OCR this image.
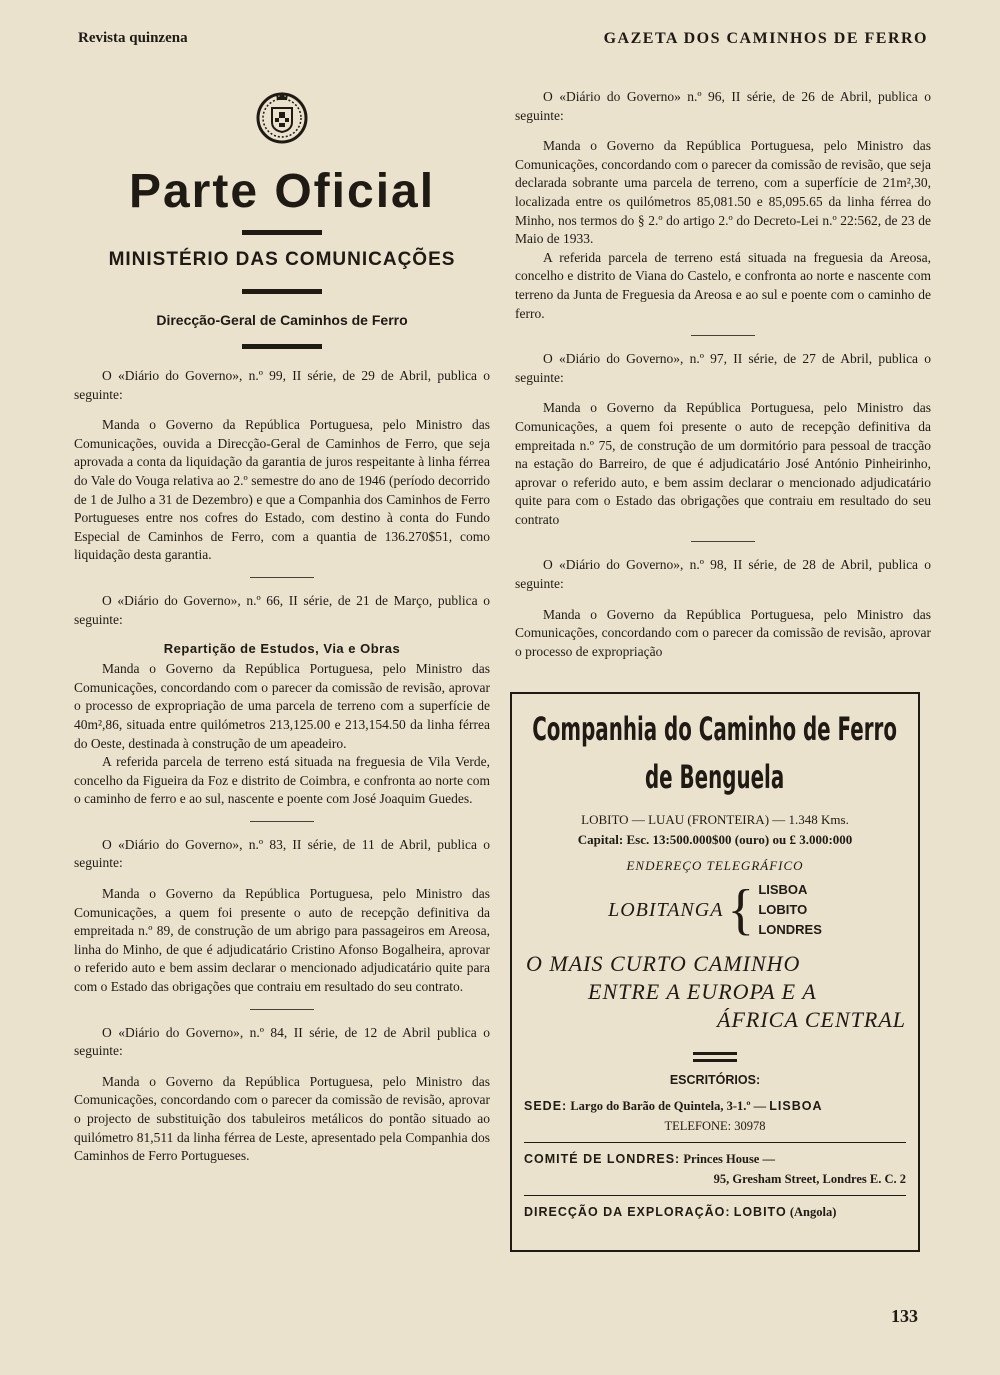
Revista quinzena	GAZETA DOS CAMINHOS DE FERRO
Parte Oficial
MINISTÉRIO DAS COMUNICAÇÕES
Direcção-Geral de Caminhos de Ferro

O «Diário do Governo», n.º 99, II série, de 29 de Abril, publica o seguinte:

Manda o Governo da República Portuguesa, pelo Ministro das Comunicações, ouvida a Direcção-Geral de Caminhos de Ferro, que seja aprovada a conta da liquidação da garantia de juros respeitante à linha férrea do Vale do Vouga relativa ao 2.º semestre do ano de 1946 (período decorrido de 1 de Julho a 31 de Dezembro) e que a Companhia dos Caminhos de Ferro Portugueses entre nos cofres do Estado, com destino à conta do Fundo Especial de Caminhos de Ferro, com a quantia de 136.270$51, como liquidação desta garantia.

O «Diário do Governo», n.º 66, II série, de 21 de Março, publica o seguinte:

Repartição de Estudos, Via e Obras

Manda o Governo da República Portuguesa, pelo Ministro das Comunicações, concordando com o parecer da comissão de revisão, aprovar o processo de expropriação de uma parcela de terreno com a superfície de 40m²,86, situada entre quilómetros 213,125.00 e 213,154.50 da linha férrea do Oeste, destinada à construção de um apeadeiro.

A referida parcela de terreno está situada na freguesia de Vila Verde, concelho da Figueira da Foz e distrito de Coimbra, e confronta ao norte com o caminho de ferro e ao sul, nascente e poente com José Joaquim Guedes.

O «Diário do Governo», n.º 83, II série, de 11 de Abril, publica o seguinte:

Manda o Governo da República Portuguesa, pelo Ministro das Comunicações, a quem foi presente o auto de recepção definitiva da empreitada n.º 89, de construção de um abrigo para passageiros em Areosa, linha do Minho, de que é adjudicatário Cristino Afonso Bogalheira, aprovar o referido auto e bem assim declarar o mencionado adjudicatário quite para com o Estado das obrigações que contraiu em resultado do seu contrato.

O «Diário do Governo», n.º 84, II série, de 12 de Abril publica o seguinte:

Manda o Governo da República Portuguesa, pelo Ministro das Comunicações, concordando com o parecer da comissão de revisão, aprovar o projecto de substituição dos tabuleiros metálicos do pontão situado ao quilómetro 81,511 da linha férrea de Leste, apresentado pela Companhia dos Caminhos de Ferro Portugueses.

O «Diário do Governo» n.º 96, II série, de 26 de Abril, publica o seguinte:

Manda o Governo da República Portuguesa, pelo Ministro das Comunicações, concordando com o parecer da comissão de revisão, que seja declarada sobrante uma parcela de terreno, com a superfície de 21m²,30, localizada entre os quilómetros 85,081.50 e 85,095.65 da linha férrea do Minho, nos termos do § 2.º do artigo 2.º do Decreto-Lei n.º 22:562, de 23 de Maio de 1933.

A referida parcela de terreno está situada na freguesia da Areosa, concelho e distrito de Viana do Castelo, e confronta ao norte e nascente com terreno da Junta de Freguesia da Areosa e ao sul e poente com o caminho de ferro.

O «Diário do Governo», n.º 97, II série, de 27 de Abril, publica o seguinte:

Manda o Governo da República Portuguesa, pelo Ministro das Comunicações, a quem foi presente o auto de recepção definitiva da empreitada n.º 75, de construção de um dormitório para pessoal de tracção na estação do Barreiro, de que é adjudicatário José António Pinheirinho, aprovar o referido auto, e bem assim declarar o mencionado adjudicatário quite para com o Estado das obrigações que contraiu em resultado do seu contrato

O «Diário do Governo», n.º 98, II série, de 28 de Abril, publica o seguinte:

Manda o Governo da República Portuguesa, pelo Ministro das Comunicações, concordando com o parecer da comissão de revisão, aprovar o processo de expropriação

Companhia do Caminho de Ferro
de Benguela
LOBITO — LUAU (FRONTEIRA) — 1.348 Kms.
Capital: Esc. 13:500.000$00 (ouro) ou £ 3.000:000
ENDEREÇO TELEGRÁFICO
LOBITANGA { LISBOA
LOBITO
LONDRES
O MAIS CURTO CAMINHO
ENTRE A EUROPA E A
ÁFRICA CENTRAL
ESCRITÓRIOS:
SEDE: Largo do Barão de Quintela, 3-1.º — LISBOA
TELEFONE: 30978
COMITÉ DE LONDRES: Princes House —
95, Gresham Street, Londres E. C. 2
DIRECÇÃO DA EXPLORAÇÃO: LOBITO (Angola)
133
